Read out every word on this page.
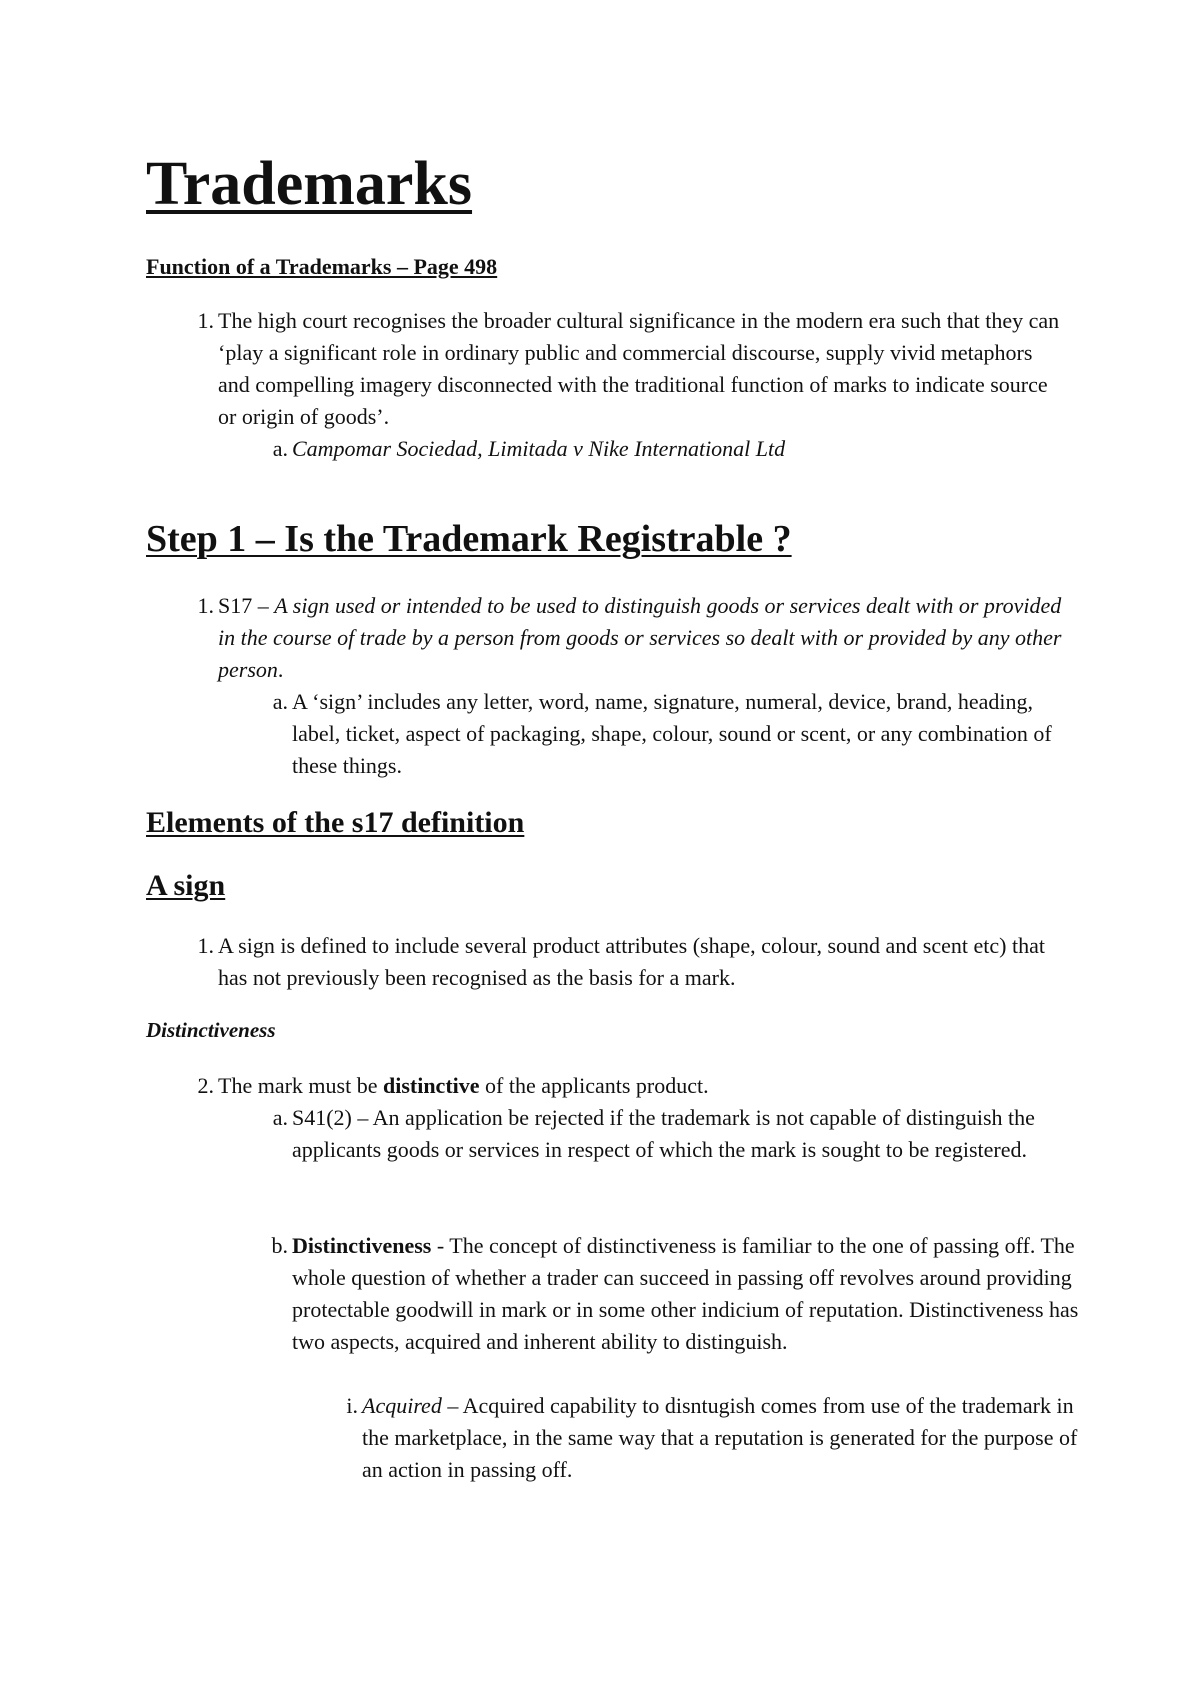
Trademarks
Function of a Trademarks – Page 498
1. The high court recognises the broader cultural significance in the modern era such that they can ‘play a significant role in ordinary public and commercial discourse, supply vivid metaphors and compelling imagery disconnected with the traditional function of marks to indicate source or origin of goods’.
a. Campomar Sociedad, Limitada v Nike International Ltd
Step 1 – Is the Trademark Registrable ?
1. S17 – A sign used or intended to be used to distinguish goods or services dealt with or provided in the course of trade by a person from goods or services so dealt with or provided by any other person.
a. A ‘sign’ includes any letter, word, name, signature, numeral, device, brand, heading, label, ticket, aspect of packaging, shape, colour, sound or scent, or any combination of these things.
Elements of the s17 definition
A sign
1. A sign is defined to include several product attributes (shape, colour, sound and scent etc) that has not previously been recognised as the basis for a mark.
Distinctiveness
2. The mark must be distinctive of the applicants product.
a. S41(2) – An application be rejected if the trademark is not capable of distinguish the applicants goods or services in respect of which the mark is sought to be registered.
b. Distinctiveness - The concept of distinctiveness is familiar to the one of passing off. The whole question of whether a trader can succeed in passing off revolves around providing protectable goodwill in mark or in some other indicium of reputation. Distinctiveness has two aspects, acquired and inherent ability to distinguish.
i. Acquired – Acquired capability to disntugish comes from use of the trademark in the marketplace, in the same way that a reputation is generated for the purpose of an action in passing off.
